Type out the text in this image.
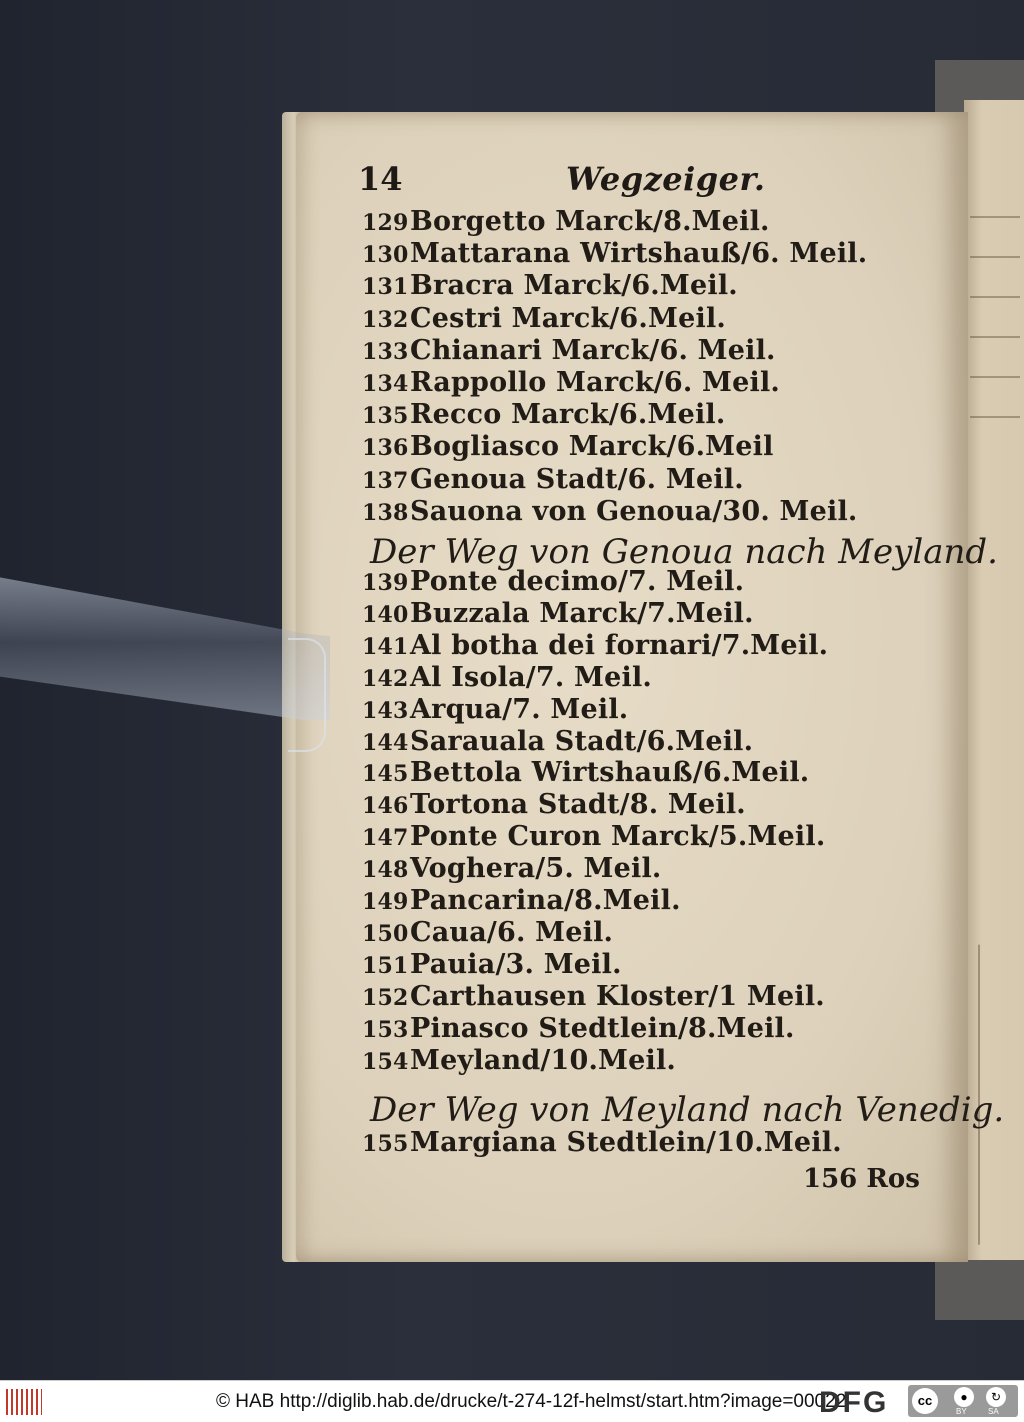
14	Wegzeiger.
129Borgetto Marck/8.Meil.
130Mattarana Wirtshauß/6. Meil.
131Bracra Marck/6.Meil.
132Cestri Marck/6.Meil.
133Chianari Marck/6. Meil.
134Rappollo Marck/6. Meil.
135Recco Marck/6.Meil.
136Bogliasco Marck/6.Meil
137Genoua Stadt/6. Meil.
138Sauona von Genoua/30. Meil.
Der Weg von Genoua nach Meyland.
139Ponte decimo/7. Meil.
140Buzzala Marck/7.Meil.
141Al botha dei fornari/7.Meil.
142Al Isola/7. Meil.
143Arqua/7. Meil.
144Sarauala Stadt/6.Meil.
145Bettola Wirtshauß/6.Meil.
146Tortona Stadt/8. Meil.
147Ponte Curon Marck/5.Meil.
148Voghera/5. Meil.
149Pancarina/8.Meil.
150Caua/6. Meil.
151Pauia/3. Meil.
152Carthausen Kloster/1 Meil.
153Pinasco Stedtlein/8.Meil.
154Meyland/10.Meil.
Der Weg von Meyland nach Venedig.
155Margiana Stedtlein/10.Meil.
156 Ros
© HAB http://diglib.hab.de/drucke/t-274-12f-helmst/start.htm?image=00022
DFG	cc	●	↻
BY	SA
